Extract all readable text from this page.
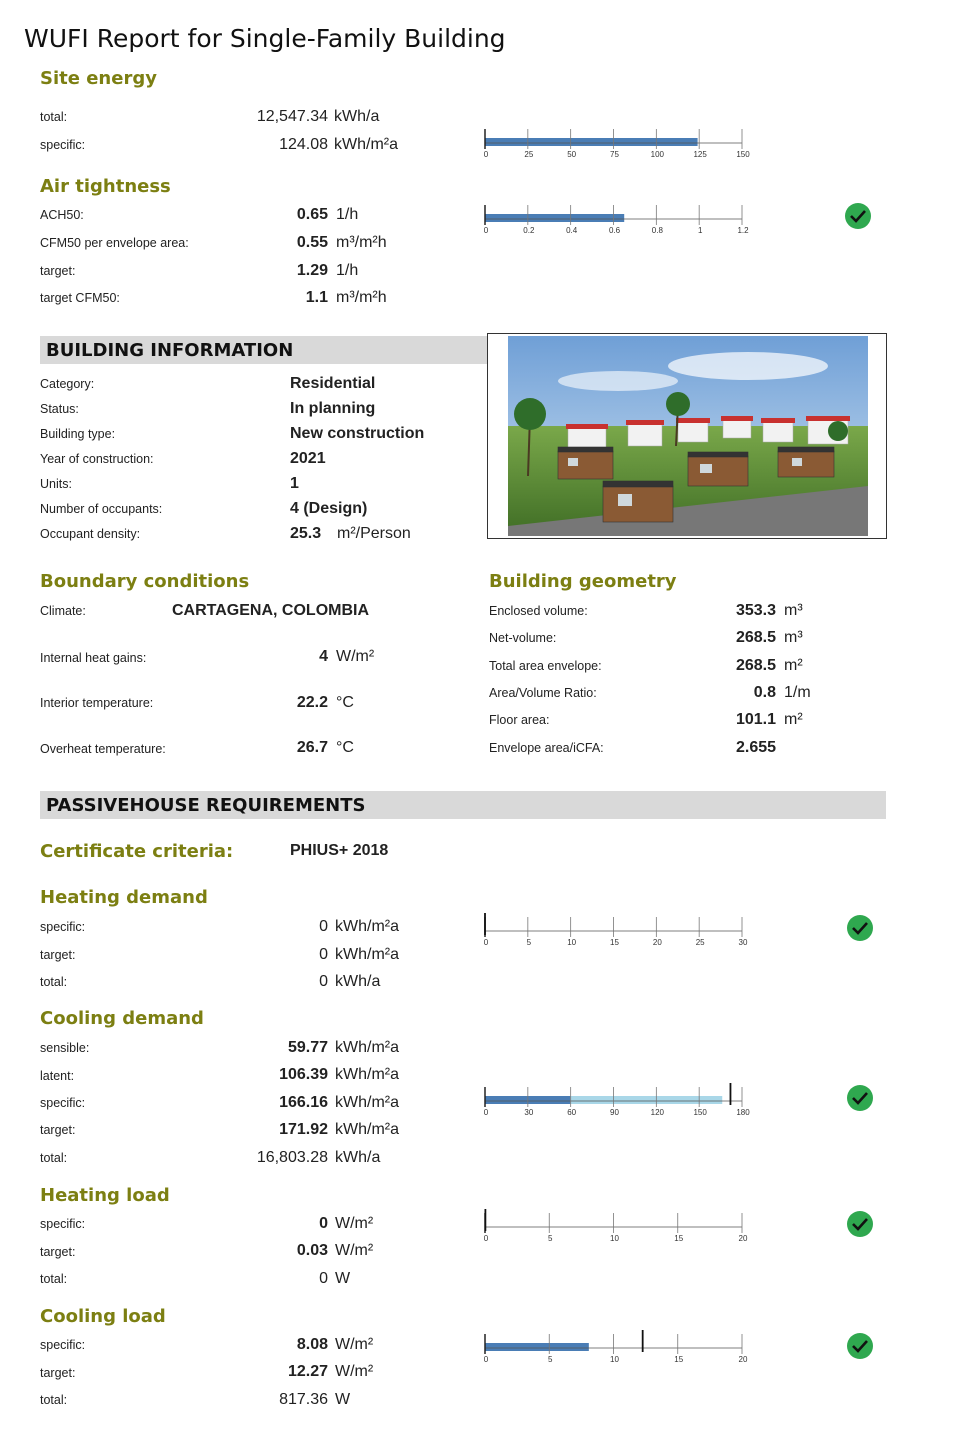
WUFI Report for Single-Family Building
Site energy
total:	12,547.34 kWh/a
specific:	124.08 kWh/m²a
0	25	50	75	100	125	150
Air tightness
ACH50:	0.65 1/h
CFM50 per envelope area:	0.55 m³/m²h
target:	1.29 1/h
target CFM50:	1.1 m³/m²h
0	0.2	0.4	0.6	0.8	1	1.2
BUILDING INFORMATION
Category:	Residential
Status:	In planning
Building type:	New construction
Year of construction:	2021
Units:	1
Number of occupants:	4 (Design)
Occupant density:	25.3 m²/Person
Boundary conditions
Climate:	CARTAGENA, COLOMBIA
Internal heat gains:	4 W/m²
Interior temperature:	22.2 °C
Overheat temperature:	26.7 °C
Building geometry
Enclosed volume:	353.3 m³
Net-volume:	268.5 m³
Total area envelope:	268.5 m²
Area/Volume Ratio:	0.8 1/m
Floor area:	101.1 m²
Envelope area/iCFA:	2.655
PASSIVEHOUSE REQUIREMENTS
Certificate criteria:	PHIUS+ 2018
Heating demand
specific:	0 kWh/m²a
target:	0 kWh/m²a
total:	0 kWh/a
0	5	10	15	20	25	30
Cooling demand
sensible:	59.77 kWh/m²a
latent:	106.39 kWh/m²a
specific:	166.16 kWh/m²a
target:	171.92 kWh/m²a
total:	16,803.28 kWh/a
0	30	60	90	120	150	180
Heating load
specific:	0 W/m²
target:	0.03 W/m²
total:	0 W
0	5	10	15	20
Cooling load
specific:	8.08 W/m²
target:	12.27 W/m²
total:	817.36 W
0	5	10	15	20
